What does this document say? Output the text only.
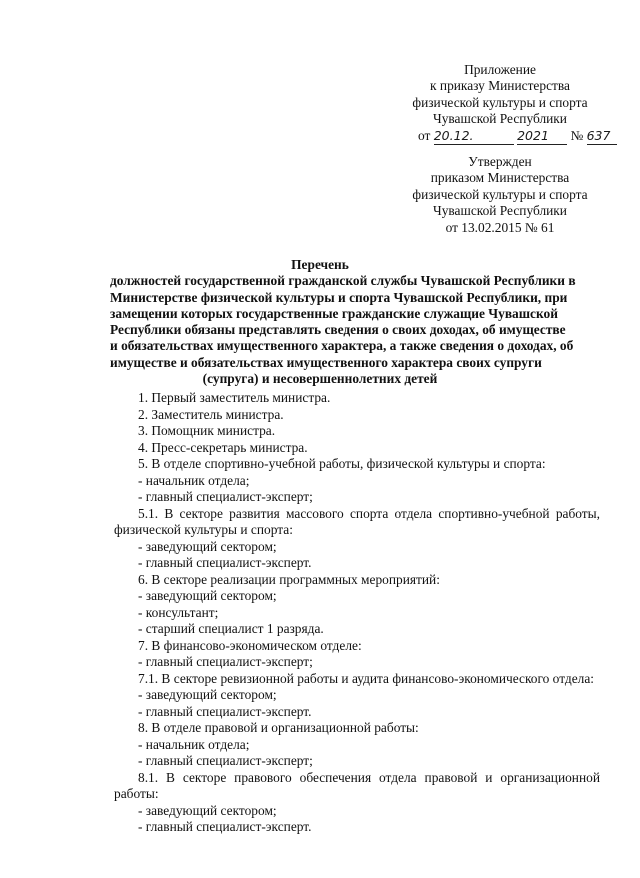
Приложение
к приказу Министерства
физической культуры и спорта
Чувашской Республики
от 20.12.	2021 № 637
Утвержден
приказом Министерства
физической культуры и спорта
Чувашской Республики
от 13.02.2015 № 61
Перечень
должностей государственной гражданской службы Чувашской Республики в
Министерстве физической культуры и спорта Чувашской Республики, при
замещении которых государственные гражданские служащие Чувашской
Республики обязаны представлять сведения о своих доходах, об имуществе
и обязательствах имущественного характера, а также сведения о доходах, об
имуществе и обязательствах имущественного характера своих супруги
(супруга) и несовершеннолетних детей
1. Первый заместитель министра.
2. Заместитель министра.
3. Помощник министра.
4. Пресс-секретарь министра.
5. В отделе спортивно-учебной работы, физической культуры и спорта:
- начальник отдела;
- главный специалист-эксперт;
5.1. В секторе развития массового спорта отдела спортивно-учебной работы,
физической культуры и спорта:
- заведующий сектором;
- главный специалист-эксперт.
6. В секторе реализации программных мероприятий:
- заведующий сектором;
- консультант;
- старший специалист 1 разряда.
7. В финансово-экономическом отделе:
- главный специалист-эксперт;
7.1. В секторе ревизионной работы и аудита финансово-экономического отдела:
- заведующий сектором;
- главный специалист-эксперт.
8. В отделе правовой и организационной работы:
- начальник отдела;
- главный специалист-эксперт;
8.1. В секторе правового обеспечения отдела правовой и организационной
работы:
- заведующий сектором;
- главный специалист-эксперт.
